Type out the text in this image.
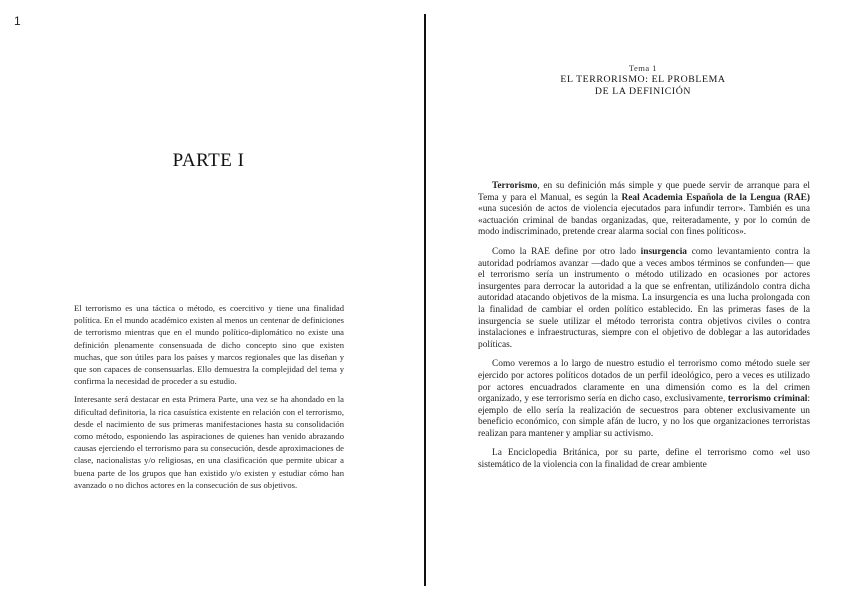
1
PARTE I

El terrorismo es una táctica o método, es coercitivo y tiene una finalidad política. En el mundo académico existen al menos un centenar de definiciones de terrorismo mientras que en el mundo político-diplomático no existe una definición plenamente consensuada de dicho concepto sino que existen muchas, que son útiles para los países y marcos regionales que las diseñan y que son capaces de consensuarlas. Ello demuestra la complejidad del tema y confirma la necesidad de proceder a su estudio.

Interesante será destacar en esta Primera Parte, una vez se ha ahondado en la dificultad definitoria, la rica casuística existente en relación con el terrorismo, desde el nacimiento de sus primeras manifestaciones hasta su consolidación como método, esponiendo las aspiraciones de quienes han venido abrazando causas ejerciendo el terrorismo para su consecución, desde aproximaciones de clase, nacionalistas y/o religiosas, en una clasificación que permite ubicar a buena parte de los grupos que han existido y/o existen y estudiar cómo han avanzado o no dichos actores en la consecución de sus objetivos.

Tema 1
EL TERRORISMO: EL PROBLEMA
DE LA DEFINICIÓN

Terrorismo, en su definición más simple y que puede servir de arranque para el Tema y para el Manual, es según la Real Academia Española de la Lengua (RAE) «una sucesión de actos de violencia ejecutados para infundir terror». También es una «actuación criminal de bandas organizadas, que, reiteradamente, y por lo común de modo indiscriminado, pretende crear alarma social con fines políticos».

Como la RAE define por otro lado insurgencia como levantamiento contra la autoridad podríamos avanzar —dado que a veces ambos términos se confunden— que el terrorismo sería un instrumento o método utilizado en ocasiones por actores insurgentes para derrocar la autoridad a la que se enfrentan, utilizándolo contra dicha autoridad atacando objetivos de la misma. La insurgencia es una lucha prolongada con la finalidad de cambiar el orden político establecido. En las primeras fases de la insurgencia se suele utilizar el método terrorista contra objetivos civiles o contra instalaciones e infraestructuras, siempre con el objetivo de doblegar a las autoridades políticas.

Como veremos a lo largo de nuestro estudio el terrorismo como método suele ser ejercido por actores políticos dotados de un perfil ideológico, pero a veces es utilizado por actores encuadrados claramente en una dimensión como es la del crimen organizado, y ese terrorismo sería en dicho caso, exclusivamente, terrorismo criminal: ejemplo de ello sería la realización de secuestros para obtener exclusivamente un beneficio económico, con simple afán de lucro, y no los que organizaciones terroristas realizan para mantener y ampliar su activismo.

La Enciclopedia Británica, por su parte, define el terrorismo como «el uso sistemático de la violencia con la finalidad de crear ambiente
